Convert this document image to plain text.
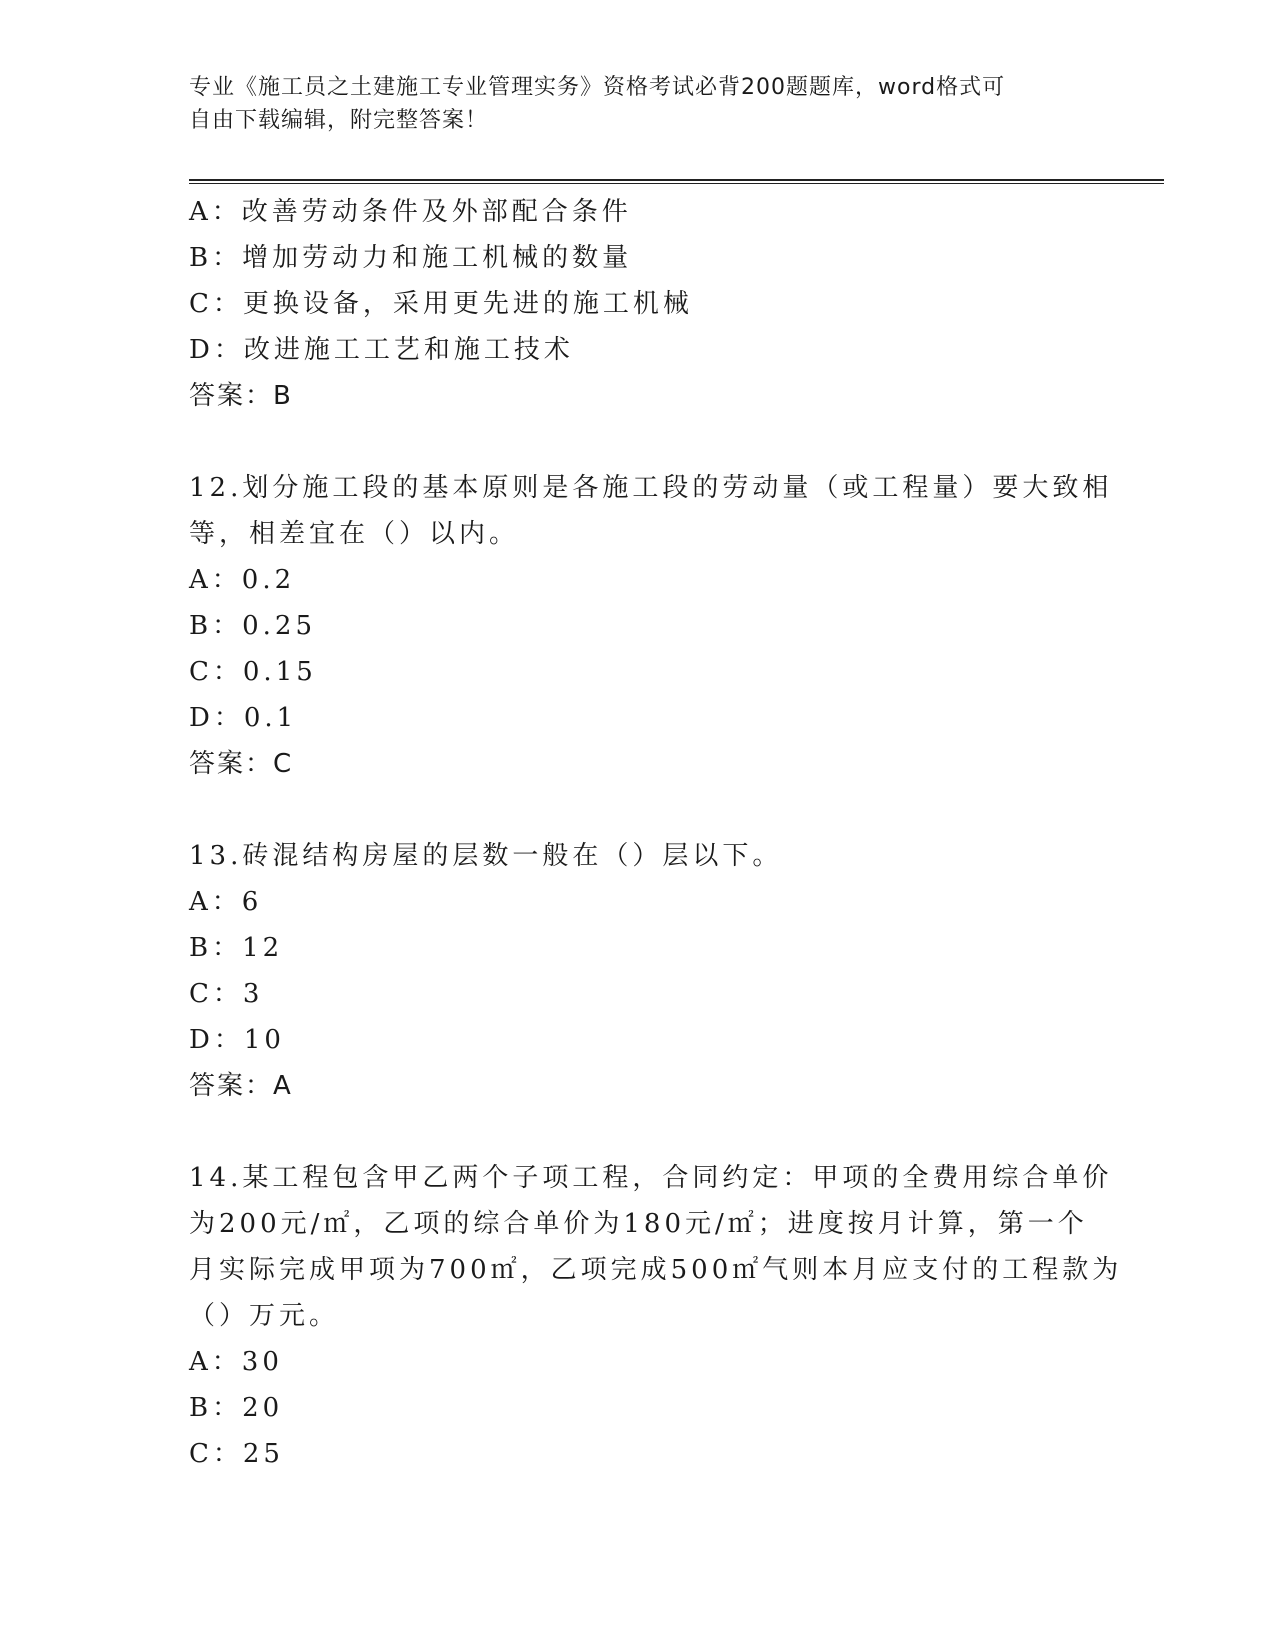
专业《施工员之土建施工专业管理实务》资格考试必背200题题库，word格式可
自由下载编辑，附完整答案！
A：改善劳动条件及外部配合条件
B：增加劳动力和施工机械的数量
C：更换设备，采用更先进的施工机械
D：改进施工工艺和施工技术
答案：B
12.划分施工段的基本原则是各施工段的劳动量（或工程量）要大致相
等，相差宜在（）以内。
A：0.2
B：0.25
C：0.15
D：0.1
答案：C
13.砖混结构房屋的层数一般在（）层以下。
A：6
B：12
C：3
D：10
答案：A
14.某工程包含甲乙两个子项工程，合同约定：甲项的全费用综合单价
为200元/㎡，乙项的综合单价为180元/㎡；进度按月计算，第一个
月实际完成甲项为700㎡，乙项完成500㎡气则本月应支付的工程款为
（）万元。
A：30
B：20
C：25
